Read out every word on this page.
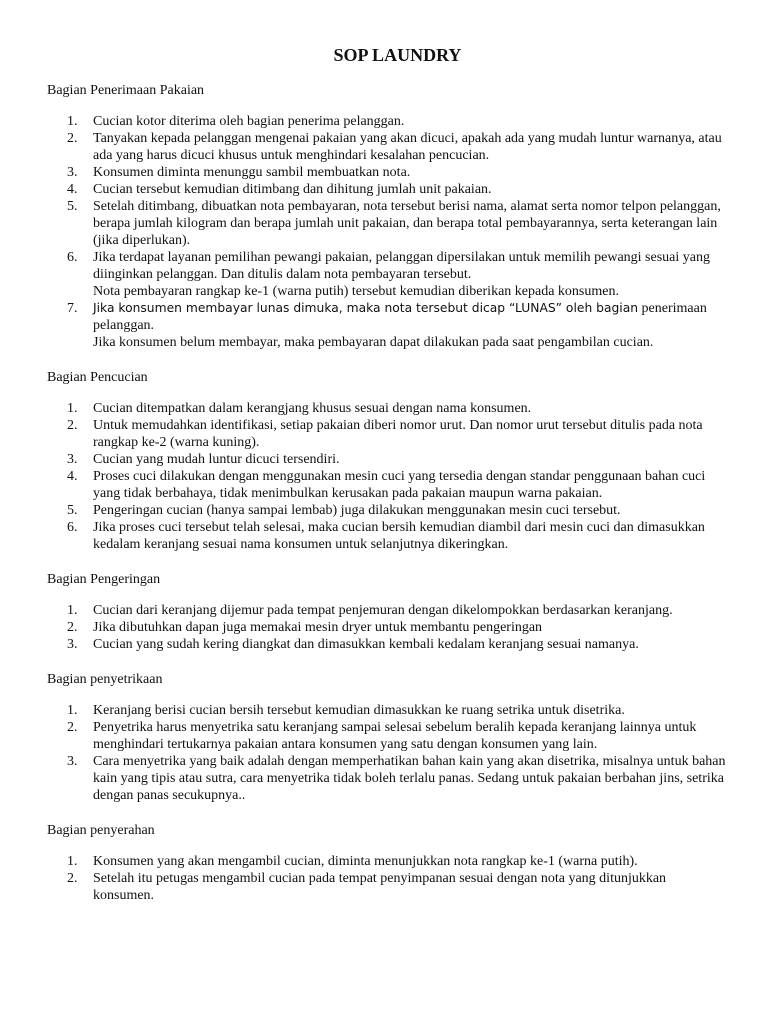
SOP LAUNDRY
Bagian Penerimaan Pakaian
1. Cucian kotor diterima oleh bagian penerima pelanggan.
2. Tanyakan kepada pelanggan mengenai pakaian yang akan dicuci, apakah ada yang mudah luntur warnanya, atau ada yang harus dicuci khusus untuk menghindari kesalahan pencucian.
3. Konsumen diminta menunggu sambil membuatkan nota.
4. Cucian tersebut kemudian ditimbang dan dihitung jumlah unit pakaian.
5. Setelah ditimbang, dibuatkan nota pembayaran, nota tersebut berisi nama, alamat serta nomor telpon pelanggan, berapa jumlah kilogram dan berapa jumlah unit pakaian, dan berapa total pembayarannya, serta keterangan lain (jika diperlukan).
6. Jika terdapat layanan pemilihan pewangi pakaian, pelanggan dipersilakan untuk memilih pewangi sesuai yang diinginkan pelanggan. Dan ditulis dalam nota pembayaran tersebut.
Nota pembayaran rangkap ke-1 (warna putih) tersebut kemudian diberikan kepada konsumen.
7. Jika konsumen membayar lunas dimuka, maka nota tersebut dicap “LUNAS” oleh bagian penerimaan pelanggan.
Jika konsumen belum membayar, maka pembayaran dapat dilakukan pada saat pengambilan cucian.
Bagian Pencucian
1. Cucian ditempatkan dalam kerangjang khusus sesuai dengan nama konsumen.
2. Untuk memudahkan identifikasi, setiap pakaian diberi nomor urut. Dan nomor urut tersebut ditulis pada nota rangkap ke-2 (warna kuning).
3. Cucian yang mudah luntur dicuci tersendiri.
4. Proses cuci dilakukan dengan menggunakan mesin cuci yang tersedia dengan standar penggunaan bahan cuci yang tidak berbahaya, tidak menimbulkan kerusakan pada pakaian maupun warna pakaian.
5. Pengeringan cucian (hanya sampai lembab) juga dilakukan menggunakan mesin cuci tersebut.
6. Jika proses cuci tersebut telah selesai, maka cucian bersih kemudian diambil dari mesin cuci dan dimasukkan kedalam keranjang sesuai nama konsumen untuk selanjutnya dikeringkan.
Bagian Pengeringan
1. Cucian dari keranjang dijemur pada tempat penjemuran dengan dikelompokkan berdasarkan keranjang.
2. Jika dibutuhkan dapan juga memakai mesin dryer untuk membantu pengeringan
3. Cucian yang sudah kering diangkat dan dimasukkan kembali kedalam keranjang sesuai namanya.
Bagian penyetrikaan
1. Keranjang berisi cucian bersih tersebut kemudian dimasukkan ke ruang setrika untuk disetrika.
2. Penyetrika harus menyetrika satu keranjang sampai selesai sebelum beralih kepada keranjang lainnya untuk menghindari tertukarnya pakaian antara konsumen yang satu dengan konsumen yang lain.
3. Cara menyetrika yang baik adalah dengan memperhatikan bahan kain yang akan disetrika, misalnya untuk bahan kain yang tipis atau sutra, cara menyetrika tidak boleh terlalu panas. Sedang untuk pakaian berbahan jins, setrika dengan panas secukupnya..
Bagian penyerahan
1. Konsumen yang akan mengambil cucian, diminta menunjukkan nota rangkap ke-1 (warna putih).
2. Setelah itu petugas mengambil cucian pada tempat penyimpanan sesuai dengan nota yang ditunjukkan konsumen.
